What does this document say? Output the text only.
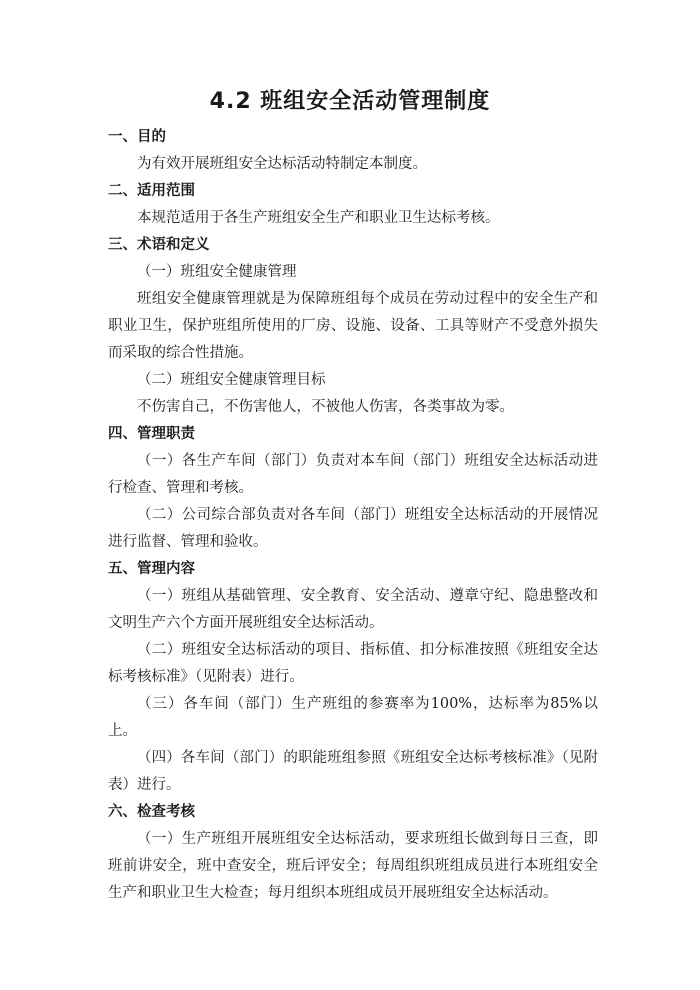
4.2 班组安全活动管理制度

一、目的

为有效开展班组安全达标活动特制定本制度。

二、适用范围

本规范适用于各生产班组安全生产和职业卫生达标考核。

三、术语和定义

（一）班组安全健康管理

班组安全健康管理就是为保障班组每个成员在劳动过程中的安全生产和职业卫生，保护班组所使用的厂房、设施、设备、工具等财产不受意外损失而采取的综合性措施。

（二）班组安全健康管理目标

不伤害自己，不伤害他人，不被他人伤害，各类事故为零。

四、管理职责

（一）各生产车间（部门）负责对本车间（部门）班组安全达标活动进行检查、管理和考核。

（二）公司综合部负责对各车间（部门）班组安全达标活动的开展情况进行监督、管理和验收。

五、管理内容

（一）班组从基础管理、安全教育、安全活动、遵章守纪、隐患整改和文明生产六个方面开展班组安全达标活动。

（二）班组安全达标活动的项目、指标值、扣分标准按照《班组安全达标考核标准》（见附表）进行。

（三）各车间（部门）生产班组的参赛率为100%，达标率为85%以上。

（四）各车间（部门）的职能班组参照《班组安全达标考核标准》（见附表）进行。

六、检查考核

（一）生产班组开展班组安全达标活动，要求班组长做到每日三查，即班前讲安全，班中查安全，班后评安全；每周组织班组成员进行本班组安全生产和职业卫生大检查；每月组织本班组成员开展班组安全达标活动。
